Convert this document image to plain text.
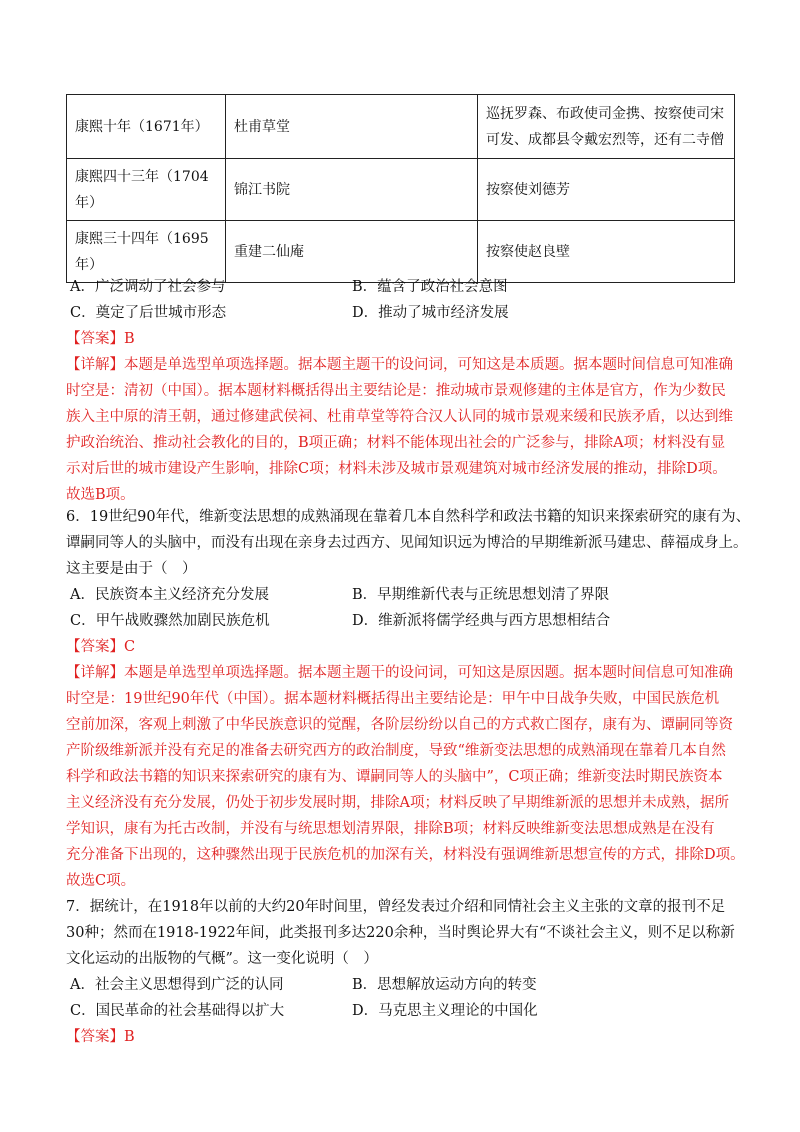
康熙十年（1671年）	杜甫草堂	巡抚罗森、布政使司金携、按察使司宋
可发、成都县令戴宏烈等，还有二寺僧

康熙四十三年（1704年）	锦江书院	按察使刘德芳
康熙三十四年（1695年）	重建二仙庵	按察使赵良壁
A．广泛调动了社会参与	B．蕴含了政治社会意图
C．奠定了后世城市形态	D．推动了城市经济发展
【答案】B
【详解】本题是单选型单项选择题。据本题主题干的设问词，可知这是本质题。据本题时间信息可知准确
时空是：清初（中国）。据本题材料概括得出主要结论是：推动城市景观修建的主体是官方，作为少数民
族入主中原的清王朝，通过修建武侯祠、杜甫草堂等符合汉人认同的城市景观来缓和民族矛盾，以达到维
护政治统治、推动社会教化的目的，B项正确；材料不能体现出社会的广泛参与，排除A项；材料没有显
示对后世的城市建设产生影响，排除C项；材料未涉及城市景观建筑对城市经济发展的推动，排除D项。
故选B项。
6．19世纪90年代，维新变法思想的成熟涌现在靠着几本自然科学和政法书籍的知识来探索研究的康有为、
谭嗣同等人的头脑中，而没有出现在亲身去过西方、见闻知识远为博洽的早期维新派马建忠、薛福成身上。
这主要是由于（　）
A．民族资本主义经济充分发展	B．早期维新代表与正统思想划清了界限
C．甲午战败骤然加剧民族危机	D．维新派将儒学经典与西方思想相结合
【答案】C
【详解】本题是单选型单项选择题。据本题主题干的设问词，可知这是原因题。据本题时间信息可知准确
时空是：19世纪90年代（中国）。据本题材料概括得出主要结论是：甲午中日战争失败，中国民族危机
空前加深，客观上刺激了中华民族意识的觉醒，各阶层纷纷以自己的方式救亡图存，康有为、谭嗣同等资
产阶级维新派并没有充足的准备去研究西方的政治制度，导致“维新变法思想的成熟涌现在靠着几本自然
科学和政法书籍的知识来探索研究的康有为、谭嗣同等人的头脑中”，C项正确；维新变法时期民族资本
主义经济没有充分发展，仍处于初步发展时期，排除A项；材料反映了早期维新派的思想并未成熟，据所
学知识，康有为托古改制，并没有与统思想划清界限，排除B项；材料反映维新变法思想成熟是在没有
充分准备下出现的，这种骤然出现于民族危机的加深有关，材料没有强调维新思想宣传的方式，排除D项。
故选C项。
7．据统计，在1918年以前的大约20年时间里，曾经发表过介绍和同情社会主义主张的文章的报刊不足
30种；然而在1918-1922年间，此类报刊多达220余种，当时舆论界大有“不谈社会主义，则不足以称新
文化运动的出版物的气概”。这一变化说明（　）
A．社会主义思想得到广泛的认同	B．思想解放运动方向的转变
C．国民革命的社会基础得以扩大	D．马克思主义理论的中国化
【答案】B
